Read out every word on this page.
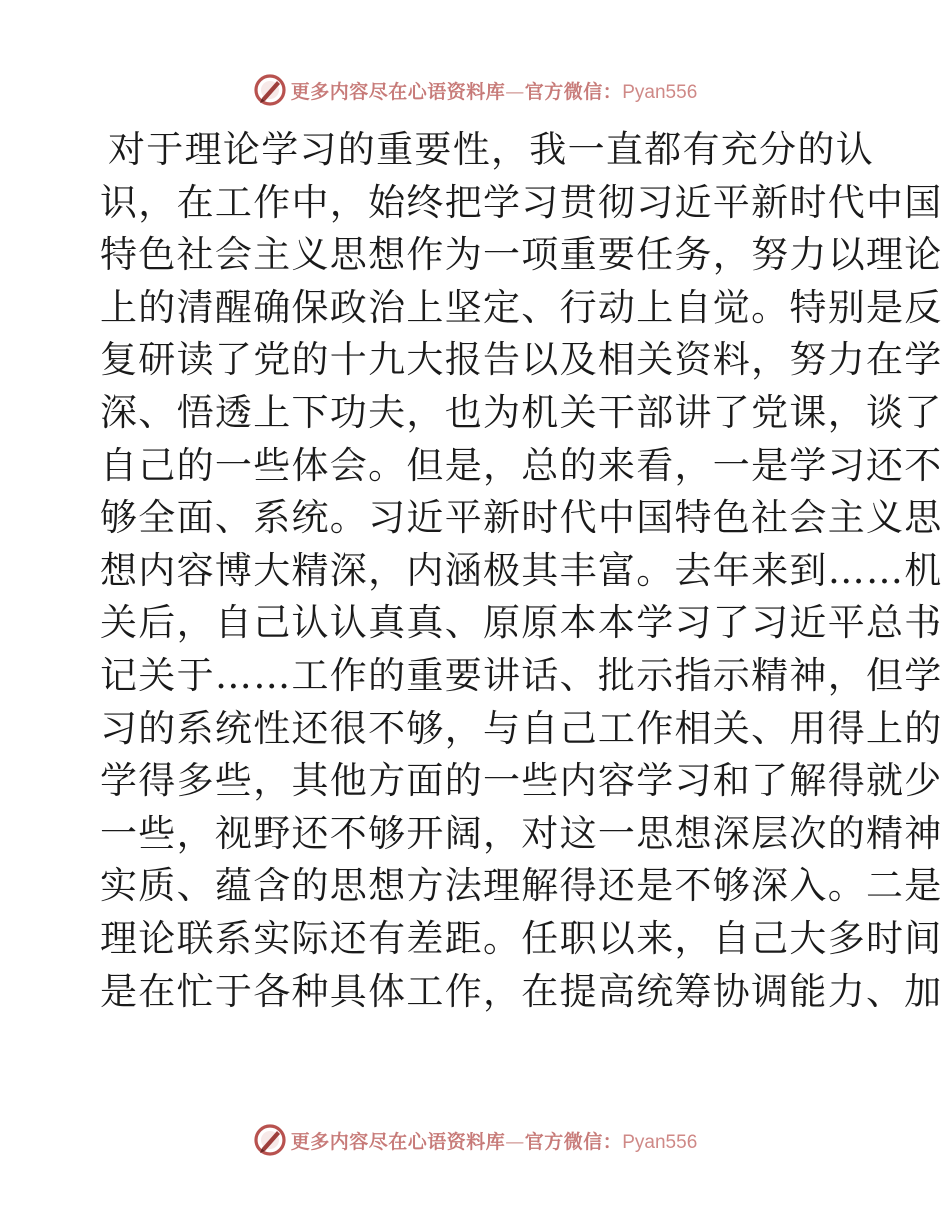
更多内容尽在心语资料库—官方微信：Pyan556
对于理论学习的重要性，我一直都有充分的认
识，在工作中，始终把学习贯彻习近平新时代中国
特色社会主义思想作为一项重要任务，努力以理论
上的清醒确保政治上坚定、行动上自觉。特别是反
复研读了党的十九大报告以及相关资料，努力在学
深、悟透上下功夫，也为机关干部讲了党课，谈了
自己的一些体会。但是，总的来看，一是学习还不
够全面、系统。习近平新时代中国特色社会主义思
想内容博大精深，内涵极其丰富。去年来到……机
关后，自己认认真真、原原本本学习了习近平总书
记关于……工作的重要讲话、批示指示精神，但学
习的系统性还很不够，与自己工作相关、用得上的
学得多些，其他方面的一些内容学习和了解得就少
一些，视野还不够开阔，对这一思想深层次的精神
实质、蕴含的思想方法理解得还是不够深入。二是
理论联系实际还有差距。任职以来，自己大多时间
是在忙于各种具体工作，在提高统筹协调能力、加
更多内容尽在心语资料库—官方微信：Pyan556
